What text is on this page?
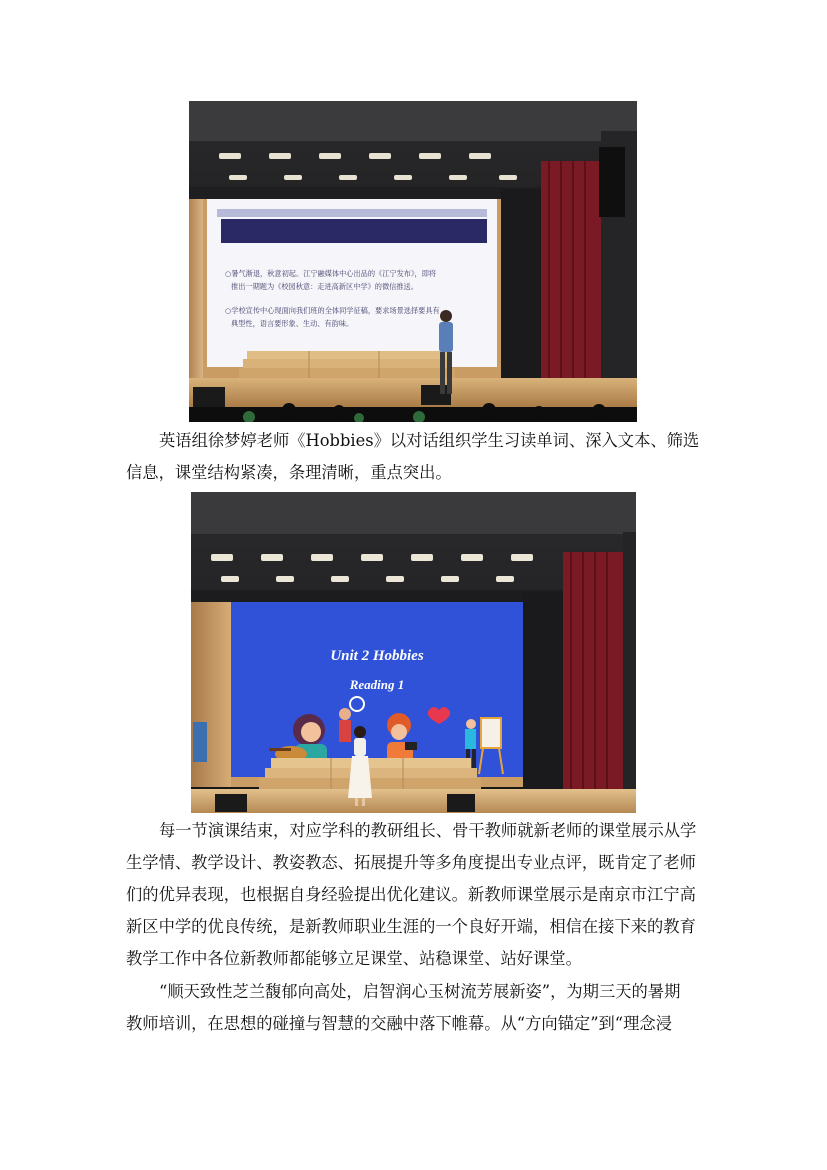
○暑气渐退，秋意初起。江宁融媒体中心出品的《江宁发布》，即将
推出一期题为《校园秋意：走进高新区中学》的微信推送。
○学校宣传中心现面向我们班的全体同学征稿，要求场景选择要具有
典型性，语言要形象、生动、有韵味。

英语组徐梦婷老师《Hobbies》以对话组织学生习读单词、深入文本、筛选
信息，课堂结构紧凑，条理清晰，重点突出。

Unit 2 Hobbies
Reading 1

每一节演课结束，对应学科的教研组长、骨干教师就新老师的课堂展示从学
生学情、教学设计、教姿教态、拓展提升等多角度提出专业点评，既肯定了老师
们的优异表现，也根据自身经验提出优化建议。新教师课堂展示是南京市江宁高
新区中学的优良传统，是新教师职业生涯的一个良好开端，相信在接下来的教育
教学工作中各位新教师都能够立足课堂、站稳课堂、站好课堂。

“顺天致性芝兰馥郁向高处，启智润心玉树流芳展新姿”，为期三天的暑期
教师培训，在思想的碰撞与智慧的交融中落下帷幕。从“方向锚定”到“理念浸
